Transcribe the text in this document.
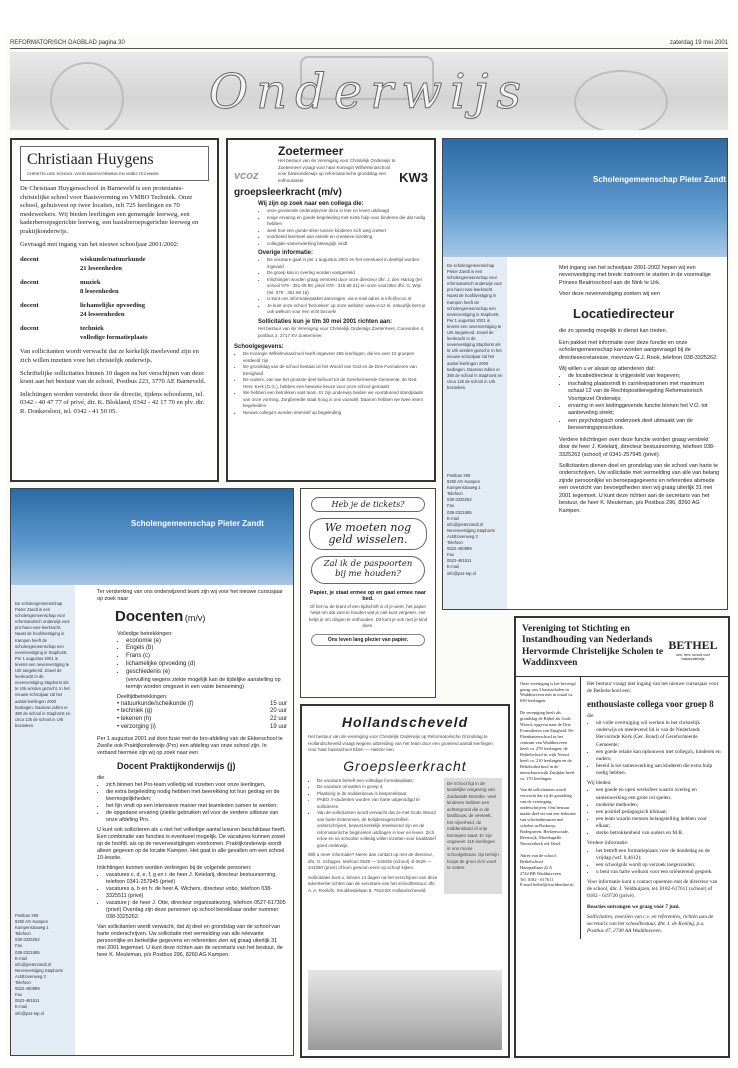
REFORMATORISCH DAGBLAD pagina 30	zaterdag 19 mei 2001
Onderwijs
Christiaan Huygens
CHRISTELIJKE SCHOOL VOOR BASISVORMING EN VMBO TECHNIEK

De Christiaan Huygensschool in Barneveld is een protestants-christelijke school voor Basisvorming en VMBO Techniek. Onze school, gehuisvest op twee locaties, telt 725 leerlingen en 70 medewerkers. Wij bieden leerlingen een gemengde leerweg, een kaderberoepsgerichte leerweg, een basisberoepsgerichte leerweg en praktijkonderwijs.

Gevraagd met ingang van het nieuwe schooljaar 2001/2002:

docent	wiskunde/natuurkunde
21 leseenheden
docent	muziek
8 leseenheden
docent	lichamelijke opvoeding
24 lesseenheden
docent	techniek
volledige formatieplaats

Van sollicitanten wordt verwacht dat ze kerkelijk meelevend zijn en zich willen inzetten voor het christelijk onderwijs.

Schriftelijke sollicitaties binnen 10 dagen na het verschijnen van deze krant aan het bestuur van de school, Postbus 223, 3770 AE Barneveld.

Inlichtingen worden verstrekt door de directie, tijdens schooluren, tel. 0342 - 40 47 77 of privé, dir. K. Blokland, 0342 - 42 17 70 en plv. dir. R. Donkersloot, tel. 0342 - 41 50 05.

vcoz
Zoetermeer
Het bestuur van de Vereniging voor Christelijk Onderwijs te Zoetermeer vraagt voor haar Koningin Wilhelminaschool voor basisonderwijs op reformatorische grondslag een enthousiaste	KW3
groepsleerkracht (m/v)
Wij zijn op zoek naar een collega die:
• onze groeiende onderwijsvisie deze in leer en leven uitdraagt
• enige ervaring en goede begeleiding met extra hulp voor kinderen die dat nodig hebben
• weet hoe een goede sfeer tussen kinderen zich weg creëert
• voorbeeld leermeel aan enkele en creatieve inzetting
• collegiale samenwerking belangrijk vindt
Overige informatie:
• De vacature gaat in per 1 augustus 2001 en het eventueel in deeltijd worden ingevuld
• De groep kan in overleg worden vastgesteld
• Inlichtingen worden graag verstrekt door onze directeur dhr. J. den Hartog (tel. school 079 - 351 09 98, privé 079 - 316 89 31) en onze voorzitter dhr. G. Wijs (tel. 079 - 351 69 15)
• U kunt ons informatiepakket aanvragen, via e-mail adres is info@vcoz.nl
• Je kunt onze school 'bezoeken' op onze website: www.vcoz.nl, natuurlijk bent je ook welkom voor een echt bezoek!
Sollicitaties kun je t/m 30 mei 2001 richten aan:
Het bestuur van de Vereniging voor Christelijk Onderwijs Zoetermeer, Coevorden 4, postbus 2, 2717 XV Zoetermeer.
Schoolgegevens:
• De Koningin Wilhelminaschool heeft ongeveer 265 leerlingen, die les over 10 groepen verdeeld zijn
• De grondslag van de school bestaat uit het Woord van God en de Drie Formulieren van Eenigheid
• De ouders, van wie het grootste deel behoort tot de Gereformeerde Gemeente, de Ned. Herv. Kerk (G.G.), hebben een bewuste keuze voor onze school gemaakt
• We hebben een betrokken vast team. Er zijn onderwijs beiden we voortdurend standplaats van onze vorming. Zorgbreedte staat hoog in ons vaandel. Daarom hebben we twee intern begeleiders
• Nieuwe collega's worden intensief op begeleiding
Scholengemeenschap Pieter Zandt
De scholengemeenschap Pieter Zandt is een scholengemeenschap voor reformatorisch onderwijs voor pro-havo-vwo-leerkracht. Naast de hoofdvestiging in Kampen heeft de scholengemeenschap een nevenvestiging in Staphorst. Per 1 augustus 2001 is tevens een nevenvestiging te Urk toegekend. Zowel de leerkracht in de nevenvestiging Staphorst als te Urk worden gezocht. In het nieuwe schooljaar zal het aantal leerlingen 2000 bedragen. Daarvan zullen er 380 de school in Staphorst en circa 125 de school in Urk bezoeken.
Postbus 296
8260 AG Kampen
Kampenstraweg 1
Telefoon
038-3325262
Fax
038-3321595
E-mail
info@pieterzandt.nl
Nevenvestiging Staphorst
Ackthovenweg 3
Telefoon
0522-460989
Fax
0522-461511
E-mail
info@psz-stp.nl
Met ingang van het schooljaar 2001-2002 hopen wij een nevenvestiging met brede instroom te starten in de voormalige Prinses Beatrixschool aan de Nink te Urk.
Voor deze nevenvestiging zoeken wij een
Locatiedirecteur
die zo spoedig mogelijk in dienst kan treden.
Een pakket met informatie over deze functie en onze scholengemeenschap kan worden aangevraagd bij de directiesecretaresse, mevrouw G.J. Rook, telefoon 038-3325262.
Wij willen u er alvast op attenderen dat:
• de locatiedirecteur is vrijgesteld van lesgeven;
• inschaling plaatsvindt in carrièrepatronen met maximum schaal 12 van de Rechtspositieregeling Reformatorisch Voortgezet Onderwijs;
• ervaring in een leidinggevende functie binnen het V.O. tot aanbeveling strekt;
• een psychologisch onderzoek deel uitmaakt van de benoemingsprocedure.
Verdere inlichtingen over deze functie worden graag verstrekt door de heer J. Ketelarij, directeur bestuursorning, telefoon 038-3325262 (school) of 0341-257945 (privé).
Sollicitanten dienen deel en grondslag van de school van harte te onderschrijven. Uw sollicitatie met vermelding van alle van belang zijnde persoonlijke en beroepsgegevens en referenties alsmede een overzicht van bevoegdheden sten wij graag uiterlijk 31 mei 2001 tegemoet. U kunt deze richten aan de secretaris van het bestuur, de heer K. Meuleman, p/s Postbus 296, 8260 AG Kampen.
Scholengemeenschap Pieter Zandt
De scholengemeenschap Pieter Zandt is een scholengemeenschap voor reformatorisch onderwijs voor pro-havo-vwo-leerkracht. Naast de hoofdvestiging in Kampen heeft de scholengemeenschap een nevenvestiging in Staphorst. Per 1 augustus 2001 is tevens een nevenvestiging te Urk toegekend. Zowel de leerkracht in de nevenvestiging Staphorst als te Urk worden gezocht. In het nieuwe schooljaar zal het aantal leerlingen 2000 bedragen. Daarvan zullen er 380 de school in Staphorst en circa 125 de school in Urk bezoeken.
Postbus 296
8260 AG Kampen
Kampenstraweg 1
Telefoon
038-3325262
Fax
038-3321595
E-mail
info@pieterzandt.nl
Nevenvestiging Staphorst
Ackthovenweg 3
Telefoon
0522-460989
Fax
0522-461511
E-mail
info@psz-stp.nl
Ter versterking van ons onderwijzend team zijn wij voor het nieuwe cursusjaar op zoek naar
Docenten (m/v)
Volledige betrekkingen:
• economie (e)
• Engels (b)
• Frans (c)
• lichamelijke opvoeding (d)
• geschiedenis (e)
(vervulling wegens ziekte mogelijk kan de tijdelijke aanstelling op termijn worden omgezet in een vaste benoeming)
Deeltijdbetrekkingen:
• natuurkunde/scheikunde (f)	15 uur
• techniek (g)	20 uur
• tekenen (h)	22 uur
• verzorging (i)	19 uur
Per 1 augustus 2001 zal door fusie met de bro-afdeling van de Ekkerschool te Zwolle ook Praktijkonderwijs (Pro) een afdeling van onze school zijn. In verband hiermee zijn wij op zoek naar een
Docent Praktijkonderwijs (j)
die
• zich binnen het Pro-team volledig wil inzetten voor onze leerlingen,
• die extra begeleiding nodig hebben met beerekking tot hun gedrag en de leermogelijkheden;
• het fijn vindt op een intensieve manier met teamleden samen te werken;
• de opgedane ervaring (ziekte gebruiken wil voor de verdere uitbouw van onze afdeling Pro.
U kunt ook solliciteren als u niet het volledige aantal lesuren beschikbaar heeft. Een combinatie van functies is eventueel mogelijk. De vacatures kunnen zowel op de hoofdl. als op de nevenvestigingen voorkomen. Praktijkonderwijs wordt alleen gegeven op de locatie Kampen. Het gaat in alle gevallen om een school 10-lesstie.
Inlichtingen kunnen worden verkregen bij de volgende personen:
• vacatures c, d, e, f, g en i: de heer J. Ketelarij, directeur bestuursorning, telefoon 0341-257945 (privé)
• vacatures a, b en h: de heer A. Wichers, directeur vobo, telefoon 038-3325511 (privé)
• vacature j: de heer J. Otte, directeur organisatiezorg, telefoon 0527-617305 (privé) Overdag zijn deze personen op school bereikbaar onder nummer 038-3325262.
Van sollicitanten wordt verwacht, dat zij deel en grondslag van de school van harte onderschrijven. Uw sollicitatie met vermelding van alle relevante persoonlijke en berkelijke gegevens en referenties zien wij graag uiterlijk 31 mei 2001 tegemoet. U kunt deze richten aan de secretaris van het bestuur, de heer K. Meuleman, p/s Postbus 296, 8260 AG Kampen.
Heb je de tickets?
We moeten nog geld wisselen.
Zal ik de paspoorten bij me houden?
Papier, je staat ermee op en gaat ermee naar bed.
Of het nu de krant of een tijdschrift is of je werk, het papier helpt om dat vast te houden wat je niet kunt vergeten. Het helpt je om dingen te onthouden. Dit kunt je ook met je kind doen.
Ons leven lang plezier van papier.
Hollandscheveld
Het bestuur van de vereniging voor Christelijk Onderwijs op Reformatorische Grondslag te Hollandscheveld vraagt wegens uitbreiding van het team door een groeiend aantal leerlingen voor haar basisschool Eben — Haëzer een
Groepsleerkracht
• De vacature betreft een volledige formatieplaats;
• De vacature omvatten in groep 4.
• Plaatsing in de middenbouw is bespreekbaar.
• PABO 4-studenten worden van harte uitgenodigd te solliciteren.
• Van de sollicitanten wordt verwacht dat ze met Gods Woord van harte instemmen, de belijdenisgeschriften onderschrijven, bewust kerkelijk meelevend zijn en de reformatorische beginselen uitdragen in leer en leven. Zich ertoe en na schoolse volledig willen inzetten voor kwalitatief goed onderwijs.
Wilt u meer informatie? Neem dan contact op met de directeur, dhr. G. Schipper, telefoon 0528 — 343036 (school) of 0528 — 341080 (privé) of kom gewoon eens op school kijken.
Sollicitaties kunt u, binnen 14 dagen na het verschijnen van deze advertentie richten aan de secretaris van het schoolbestuur, dhr. A. A. Roelofs, Struikheidelaan 8, 7913 BX Hollandscheveld.
De school ligt in de landelijke omgeving van Zuidwolde Drenthe. Veel kinderen hebben een achtergrond die in de landbouw, de veeteelt, het nijverheid, de middenstand of vrije beroepen staat. Er zijn ongeveer 115 leerlingen in ons mooie schoolgebouw. Op termijn hoopt de groei zich voort te zetten.
Vereniging tot Stichting en Instandhouding van Nederlands Hervormde Christelijke Scholen te Waddinxveen
BETHEL
ned. herv. school voor basisonderwijs
Onze vereniging is het bevoegd gezag van 3 basisscholen in Waddinxveen met in totaal ca. 650 leerlingen.

De vereniging heeft als grondslag de Bijbel als Gods Woord, opgevat naar de Drie Formulieren van Enigheid. De Ebenhaëzerschool in het centrum van Waddinxveen heeft ca. 270 leerlingen; de Bethelschool in wijk Noord heeft ca. 210 leerlingen en de Rehobothschool in de nieuwbouwwijk Zuidplas heeft ca. 170 leerlingen.

Van de sollicitanten wordt verwacht dat zij de grondslag van de vereniging onderschrijven. Ons bestuur maakt deel uit van een federatie van scholenbesturen met scholen in Boskoop, Bodegraven, Berkenwoude, Reeuwijk, Moerkapelle, Nieuwerkerk a/d IJssel.

Adres van de school:
Bethelschool
Hazepadlaan 22 A
2742 BB Waddinxveen
Tel. 0182 - 617611
E-mail bethel@worldonline.nl
Het bestuur vraagt met ingang van het nieuwe cursusjaar voor de Bethelschool een:
enthousiaste collega voor groep 8
die
• uit volle overtuiging wil werken in het christelijk onderwijs en meelevend lid is van de Nederlands Hervormde Kerk (Ger. Bond) of Gereformeerde Gemeente;
• een goede relatie kan opbouwen met collega's, kinderen en ouders;
• bereid is tot samenwerking aan kinderen die extra hulp nodig hebben.
Wij bieden:
• een goede en open werksfeer waarin overleg en samenwerking een grote rol spelen;
• moderne methoden;
• een positief pedagogisch klimaat;
• een team waarin mensen belangstelling hebben voor elkaar;
• sterke betrokkenheid van ouders en M.R.
Verdere informatie:
• het betreft een formatieplaats voor de dondedag en de vrijdag (wtf. 0,4612);
• een schoolgids wordt op verzoek toegezonden;
• u bent van harte welkom voor een oriënterend gesprek.
Voor informatie kunt u contact opnemen met de directeur van de school, dhr. J. Veldhuijzen, tel. 0182-617611 (school) of 0182 - 619720 (privé).
Reacties ontvangen we graag vóór 7 juni.
Sollicitaties, voorzien van c.v. en referenties, richten aan de secretaris van het schoolbestuur, dhr. J. de Koning, p.a. Postbus 47, 2740 AA Waddinxveen.
